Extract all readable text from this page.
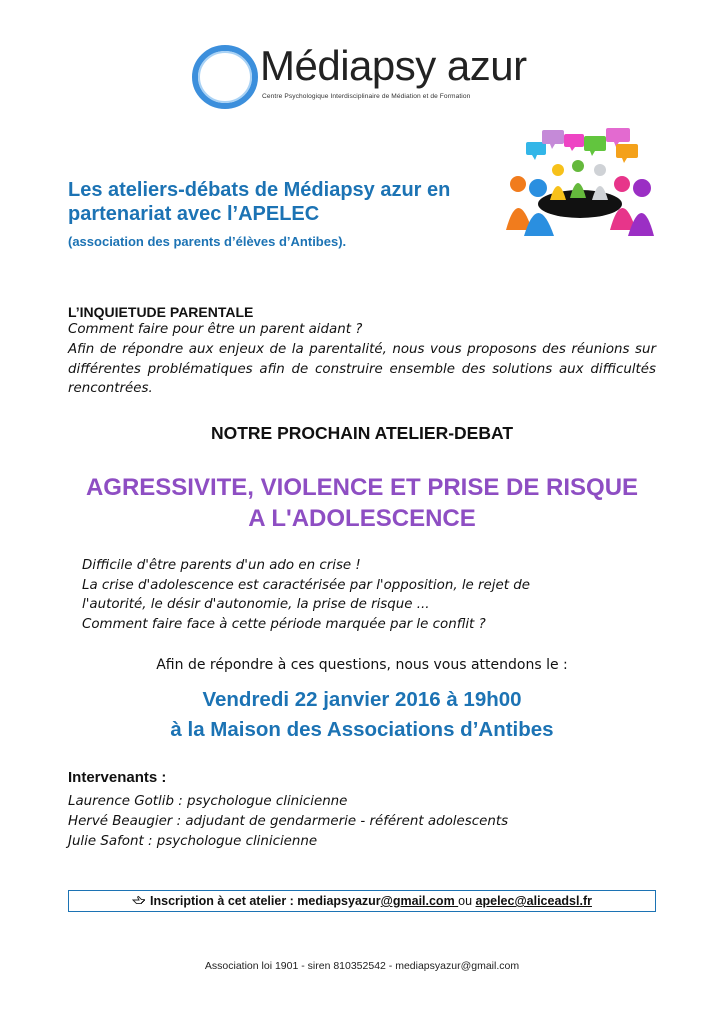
Médiapsy azur
Centre Psychologique Interdisciplinaire de Médiation et de Formation
Les ateliers-débats de Médiapsy azur en partenariat avec l’APELEC
(association des parents d’élèves d’Antibes).
L’INQUIETUDE PARENTALE
Comment faire pour être un parent aidant ?
Afin de répondre aux enjeux de la parentalité, nous vous proposons des réunions sur différentes problématiques afin de construire ensemble des solutions aux difficultés rencontrées.
NOTRE PROCHAIN ATELIER-DEBAT
AGRESSIVITE, VIOLENCE ET PRISE DE RISQUE
A L'ADOLESCENCE
Difficile d'être parents d'un ado en crise !
La crise d'adolescence est caractérisée par l'opposition, le rejet de
l'autorité, le désir d'autonomie, la prise de risque ...
Comment faire face à cette période marquée par le conflit ?
Afin de répondre à ces questions, nous vous attendons le :
Vendredi 22 janvier 2016 à 19h00
à la Maison des Associations d’Antibes
Intervenants :
Laurence Gotlib : psychologue clinicienne
Hervé Beaugier : adjudant de gendarmerie - référent adolescents
Julie Safont : psychologue clinicienne
Inscription à cet atelier : mediapsyazur@gmail.com ou apelec@aliceadsl.fr
Association loi 1901 - siren 810352542 - mediapsyazur@gmail.com
